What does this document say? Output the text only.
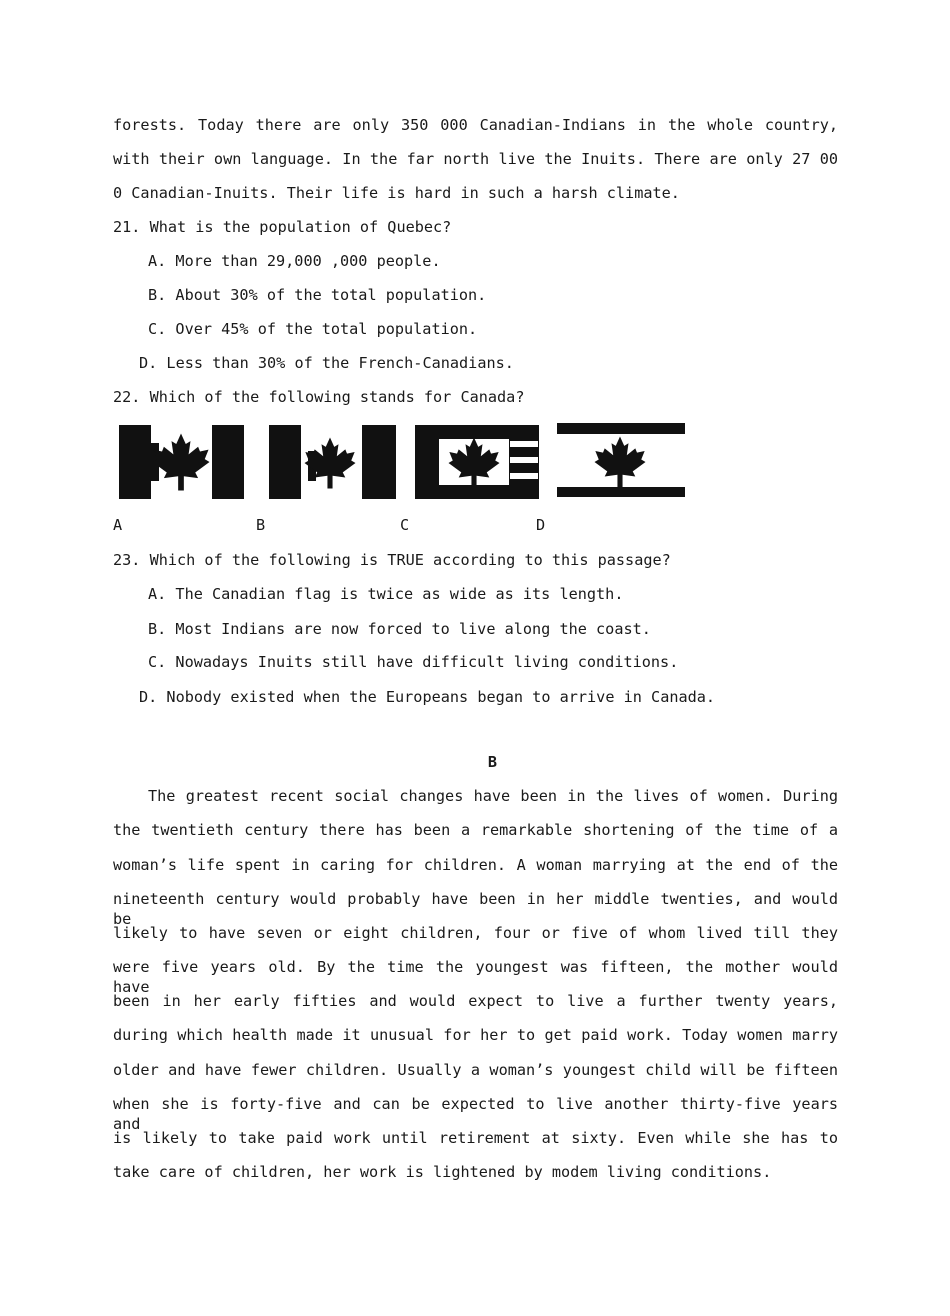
forests. Today there are only 350 000 Canadian-Indians in the whole country,
with their own language. In the far north live the Inuits. There are only 27 00
0 Canadian-Inuits. Their life is hard in such a harsh climate.
21. What is the population of Quebec?
A. More than 29,000 ,000 people.
B. About 30% of the total population.
C. Over 45% of the total population.
D. Less than 30% of the French-Canadians.
22. Which of the following stands for Canada?
A	B	C	D
23. Which of the following is TRUE according to this passage?
A. The Canadian flag is twice as wide as its length.
B. Most Indians are now forced to live along the coast.
C. Nowadays Inuits still have difficult living conditions.
D. Nobody existed when the Europeans began to arrive in Canada.
B
The greatest recent social changes have been in the lives of women. During
the twentieth century there has been a remarkable shortening of the time of a
woman’s life spent in caring for children. A woman marrying at the end of the
nineteenth century would probably have been in her middle twenties, and would be
likely to have seven or eight children, four or five of whom lived till they
were five years old. By the time the youngest was fifteen, the mother would have
been in her early fifties and would expect to live a further twenty years,
during which health made it unusual for her to get paid work. Today women marry
older and have fewer children. Usually a woman’s youngest child will be fifteen
when she is forty-five and can be expected to live another thirty-five years and
is likely to take paid work until retirement at sixty. Even while she has to
take care of children, her work is lightened by modem living conditions.
